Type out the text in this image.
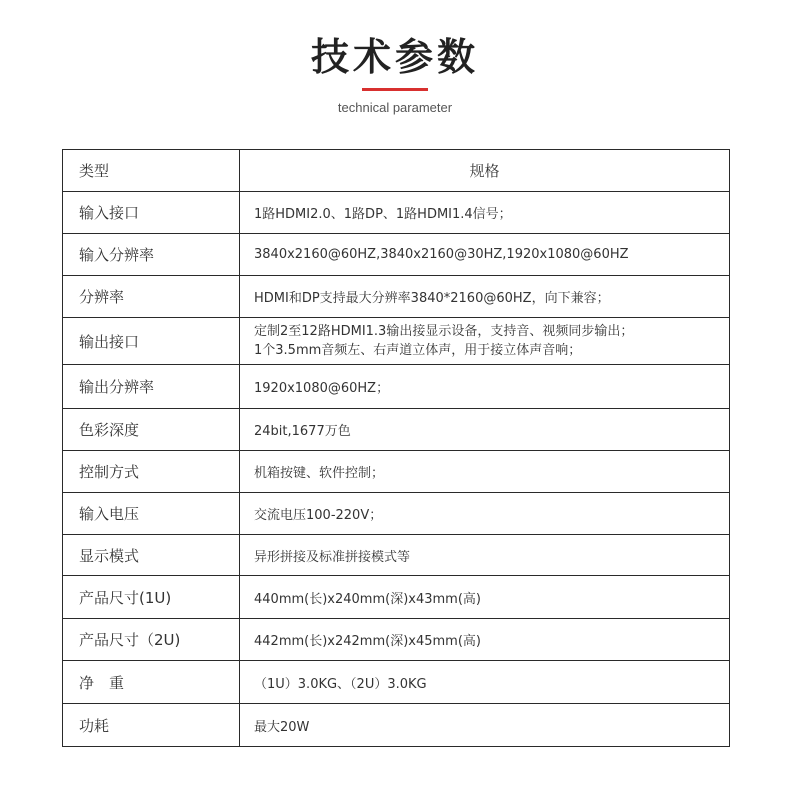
技术参数
technical parameter
类型	规格
输入接口	1路HDMI2.0、1路DP、1路HDMI1.4信号；
输入分辨率	3840x2160@60HZ,3840x2160@30HZ,1920x1080@60HZ
分辨率	HDMI和DP支持最大分辨率3840*2160@60HZ，向下兼容；
输出接口	定制2至12路HDMI1.3输出接显示设备，支持音、视频同步输出；
1个3.5mm音频左、右声道立体声，用于接立体声音响；

输出分辨率	1920x1080@60HZ；
色彩深度	24bit,1677万色
控制方式	机箱按键、软件控制；
输入电压	交流电压100-220V；
显示模式	异形拼接及标准拼接模式等
产品尺寸(1U)	440mm(长)x240mm(深)x43mm(高)
产品尺寸（2U)	442mm(长)x242mm(深)x45mm(高)
净　重	（1U）3.0KG、（2U）3.0KG
功耗	最大20W
